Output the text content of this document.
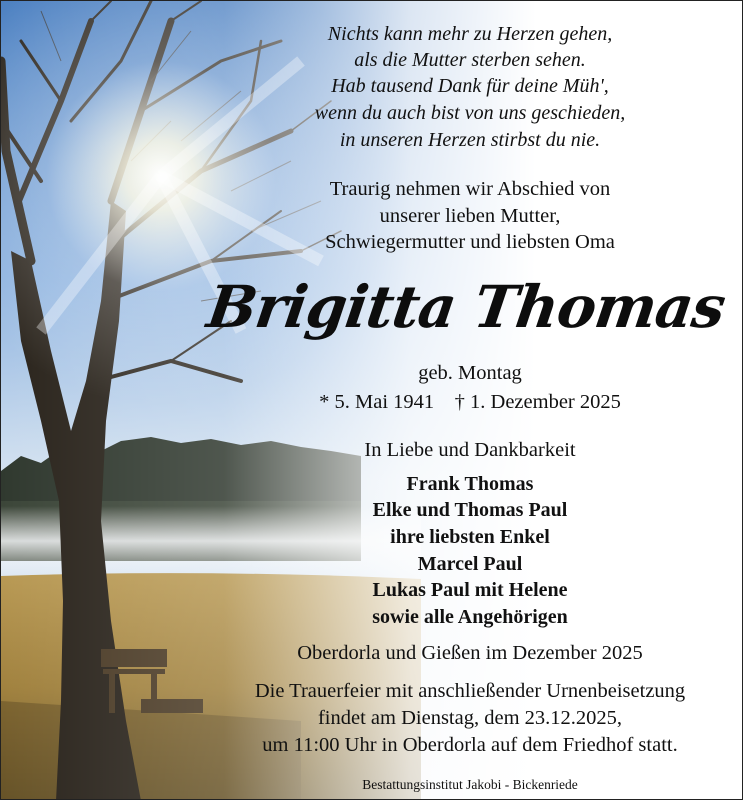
Nichts kann mehr zu Herzen gehen,
als die Mutter sterben sehen.
Hab tausend Dank für deine Müh',
wenn du auch bist von uns geschieden,
in unseren Herzen stirbst du nie.
Traurig nehmen wir Abschied von
unserer lieben Mutter,
Schwiegermutter und liebsten Oma
Brigitta Thomas
geb. Montag
* 5. Mai 1941    † 1. Dezember 2025
In Liebe und Dankbarkeit
Frank Thomas
Elke und Thomas Paul
ihre liebsten Enkel
Marcel Paul
Lukas Paul mit Helene
sowie alle Angehörigen
Oberdorla und Gießen im Dezember 2025
Die Trauerfeier mit anschließender Urnenbeisetzung
findet am Dienstag, dem 23.12.2025,
um 11:00 Uhr in Oberdorla auf dem Friedhof statt.
Bestattungsinstitut Jakobi - Bickenriede
